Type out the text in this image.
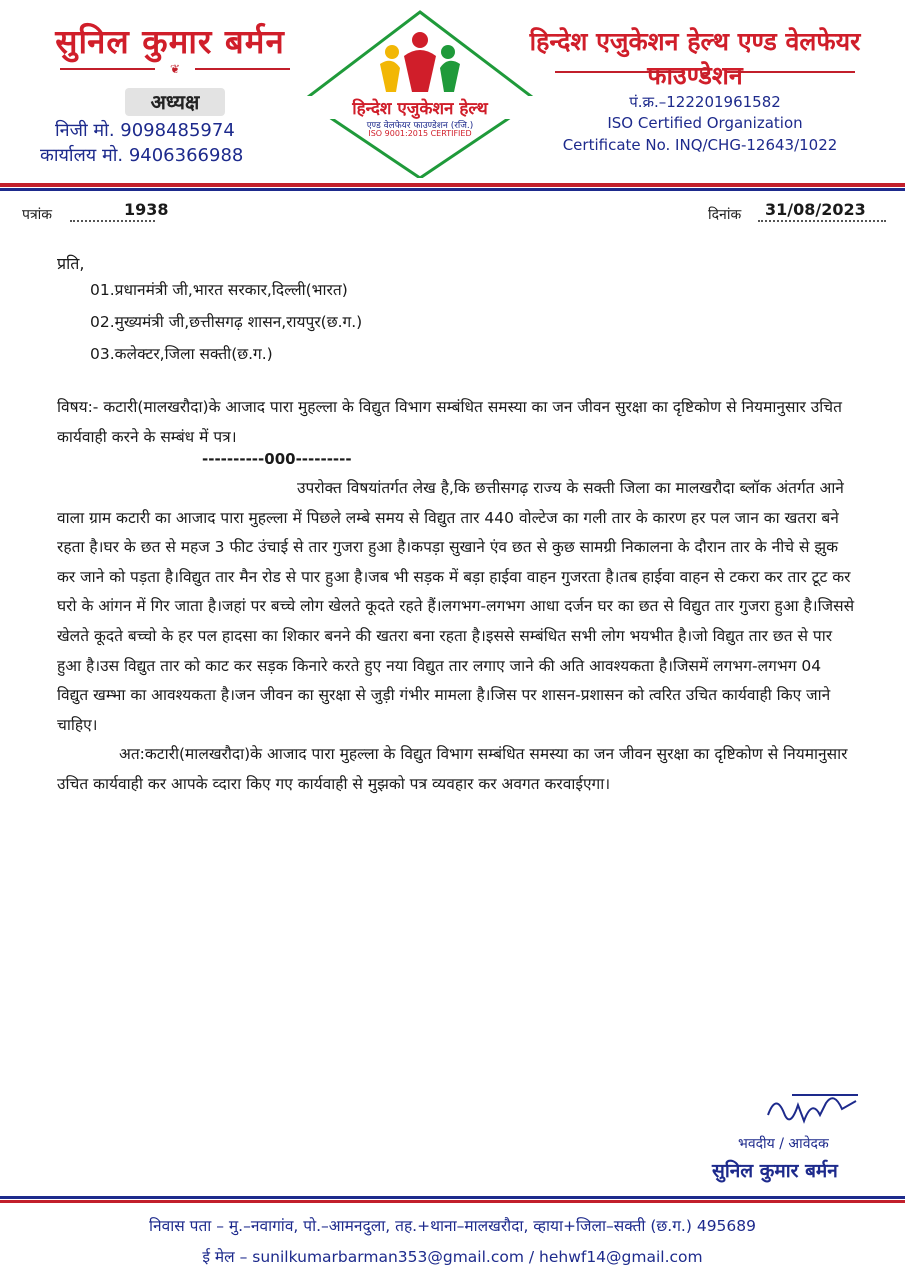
सुनिल कुमार बर्मन
❦
अध्यक्ष
निजी मो. 9098485974
कार्यालय मो. 9406366988
हिन्देश एजुकेशन हेल्थ
एण्ड वेलफेयर फाउण्डेशन (रजि.)
ISO 9001:2015 CERTIFIED
हिन्देश एजुकेशन हेल्थ एण्ड वेलफेयर फाउण्डेशन
पं.क्र.–122201961582
ISO Certified Organization
Certificate No. INQ/CHG-12643/1022
पत्रांक	1938	दिनांक 31/08/2023
प्रति,
01.प्रधानमंत्री जी,भारत सरकार,दिल्ली(भारत)
02.मुख्यमंत्री जी,छत्तीसगढ़ शासन,रायपुर(छ.ग.)
03.कलेक्टर,जिला सक्ती(छ.ग.)
विषय:- कटारी(मालखरौदा)के आजाद पारा मुहल्ला के विद्युत विभाग सम्बंधित समस्या का जन जीवन सुरक्षा का दृष्टिकोण से नियमानुसार उचित कार्यवाही करने के सम्बंध में पत्र।
----------000---------

उपरोक्त विषयांतर्गत लेख है,कि छत्तीसगढ़ राज्य के सक्ती जिला का मालखरौदा ब्लॉक अंतर्गत आने वाला ग्राम कटारी का आजाद पारा मुहल्ला में पिछले लम्बे समय से विद्युत तार 440 वोल्टेज का गली तार के कारण हर पल जान का खतरा बने रहता है।घर के छत से महज 3 फीट उंचाई से तार गुजरा हुआ है।कपड़ा सुखाने एंव छत से कुछ सामग्री निकालना के दौरान तार के नीचे से झुक कर जाने को पड़ता है।विद्युत तार मैन रोड से पार हुआ है।जब भी सड़क में बड़ा हाईवा वाहन गुजरता है।तब हाईवा वाहन से टकरा कर तार टूट कर घरो के आंगन में गिर जाता है।जहां पर बच्चे लोग खेलते कूदते रहते हैं।लगभग-लगभग आधा दर्जन घर का छत से विद्युत तार गुजरा हुआ है।जिससे खेलते कूदते बच्चो के हर पल हादसा का शिकार बनने की खतरा बना रहता है।इससे सम्बंधित सभी लोग भयभीत है।जो विद्युत तार छत से पार हुआ है।उस विद्युत तार को काट कर सड़क किनारे करते हुए नया विद्युत तार लगाए जाने की अति आवश्यकता है।जिसमें लगभग-लगभग 04 विद्युत खम्भा का आवश्यकता है।जन जीवन का सुरक्षा से जुड़ी गंभीर मामला है।जिस पर शासन-प्रशासन को त्वरित उचित कार्यवाही किए जाने चाहिए।

अत:कटारी(मालखरौदा)के आजाद पारा मुहल्ला के विद्युत विभाग सम्बंधित समस्या का जन जीवन सुरक्षा का दृष्टिकोण से नियमानुसार उचित कार्यवाही कर आपके व्दारा किए गए कार्यवाही से मुझको पत्र व्यवहार कर अवगत करवाईएगा।

भवदीय / आवेदक
सुनिल कुमार बर्मन
निवास पता – मु.–नवागांव, पो.–आमनदुला, तह.+थाना–मालखरौदा, व्हाया+जिला–सक्ती (छ.ग.) 495689
ई मेल – sunilkumarbarman353@gmail.com / hehwf14@gmail.com
